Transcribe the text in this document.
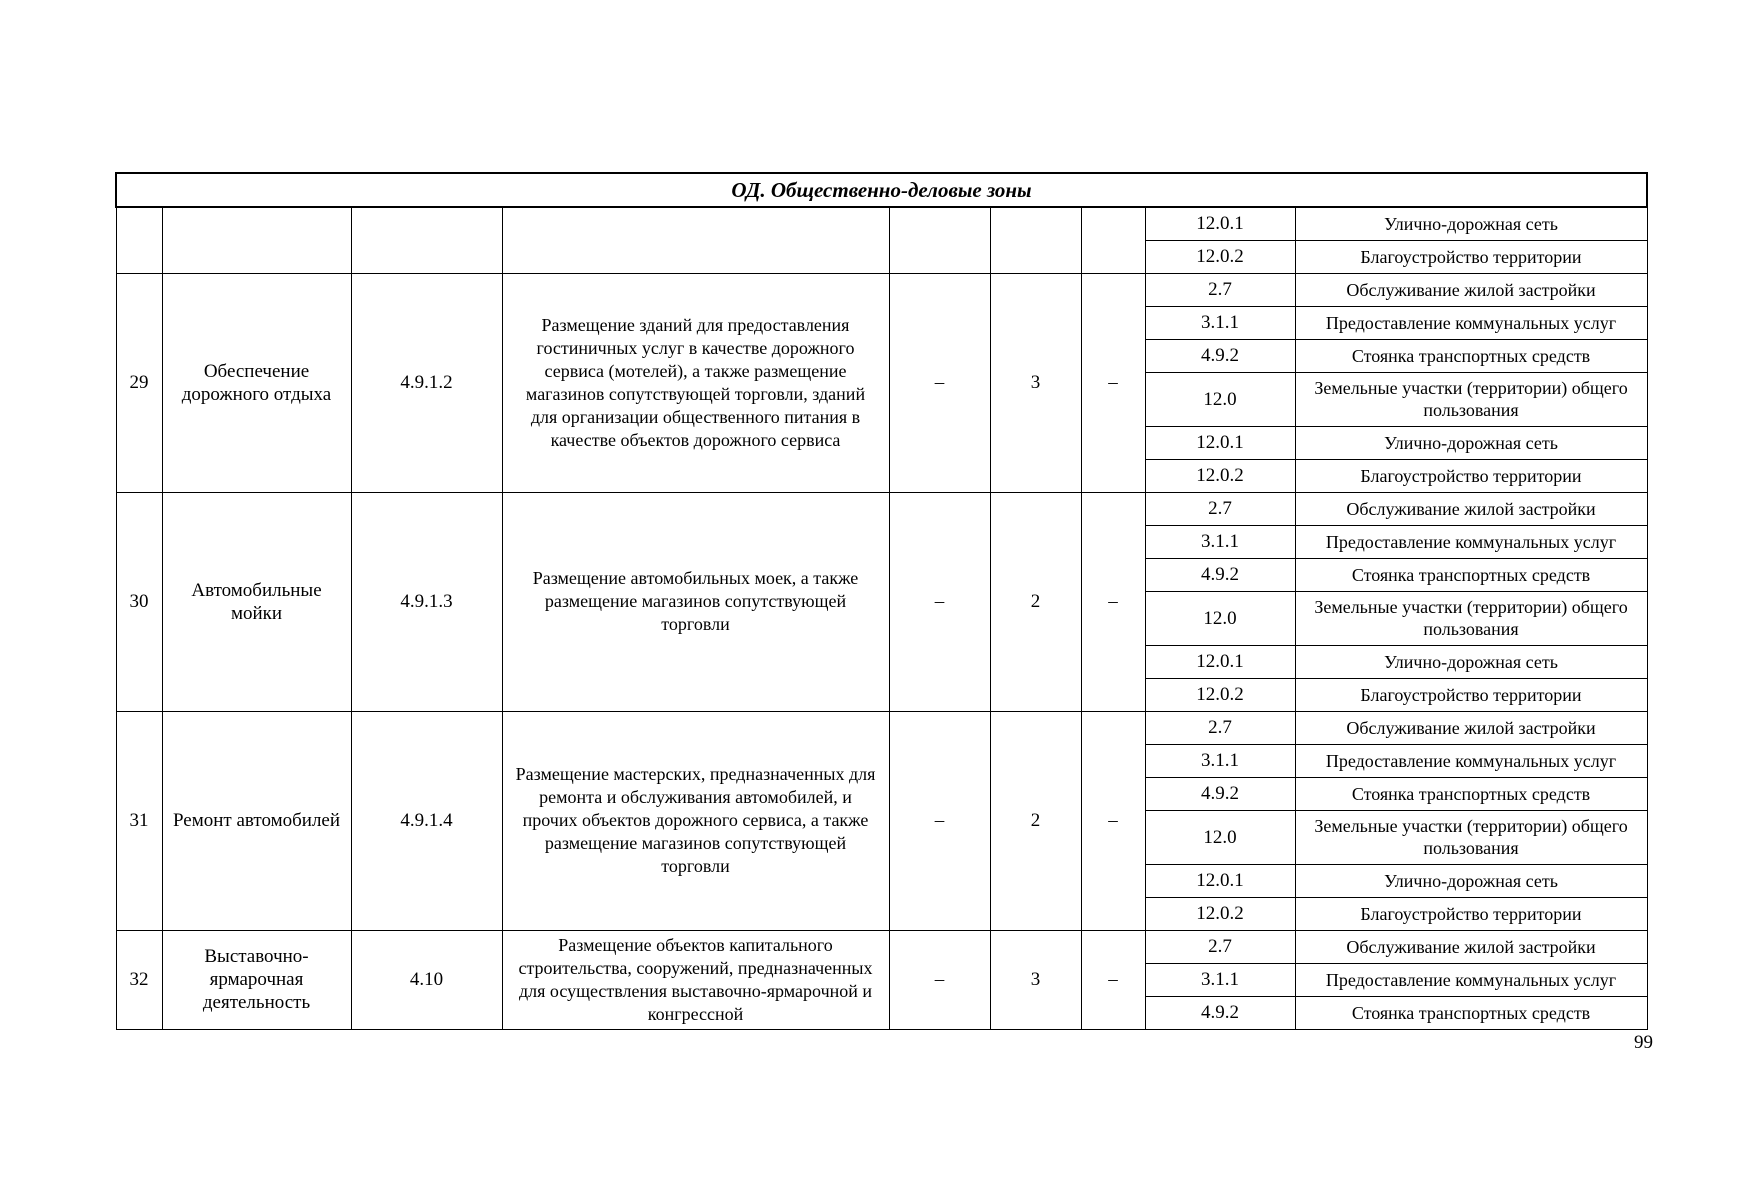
ОД. Общественно-деловые зоны								
							12.0.1	Улично-дорожная сеть
							12.0.2	Благоустройство территории
29	Обеспечение дорожного отдыха	4.9.1.2	Размещение зданий для предоставления гостиничных услуг в качестве дорожного сервиса (мотелей), а также размещение магазинов сопутствующей торговли, зданий для организации общественного питания в качестве объектов дорожного сервиса	–	3	–	2.7	Обслуживание жилой застройки
							3.1.1	Предоставление коммунальных услуг
							4.9.2	Стоянка транспортных средств
							12.0	Земельные участки (территории) общего пользования
							12.0.1	Улично-дорожная сеть
							12.0.2	Благоустройство территории
30	Автомобильные мойки	4.9.1.3	Размещение автомобильных моек, а также размещение магазинов сопутствующей торговли	–	2	–	2.7	Обслуживание жилой застройки
							3.1.1	Предоставление коммунальных услуг
							4.9.2	Стоянка транспортных средств
							12.0	Земельные участки (территории) общего пользования
							12.0.1	Улично-дорожная сеть
							12.0.2	Благоустройство территории
31	Ремонт автомобилей	4.9.1.4	Размещение мастерских, предназначенных для ремонта и обслуживания автомобилей, и прочих объектов дорожного сервиса, а также размещение магазинов сопутствующей торговли	–	2	–	2.7	Обслуживание жилой застройки
							3.1.1	Предоставление коммунальных услуг
							4.9.2	Стоянка транспортных средств
							12.0	Земельные участки (территории) общего пользования
							12.0.1	Улично-дорожная сеть
							12.0.2	Благоустройство территории
32	Выставочно-ярмарочная деятельность	4.10	Размещение объектов капитального строительства, сооружений, предназначенных для осуществления выставочно-ярмарочной и конгрессной	–	3	–	2.7	Обслуживание жилой застройки
							3.1.1	Предоставление коммунальных услуг
							4.9.2	Стоянка транспортных средств
99
